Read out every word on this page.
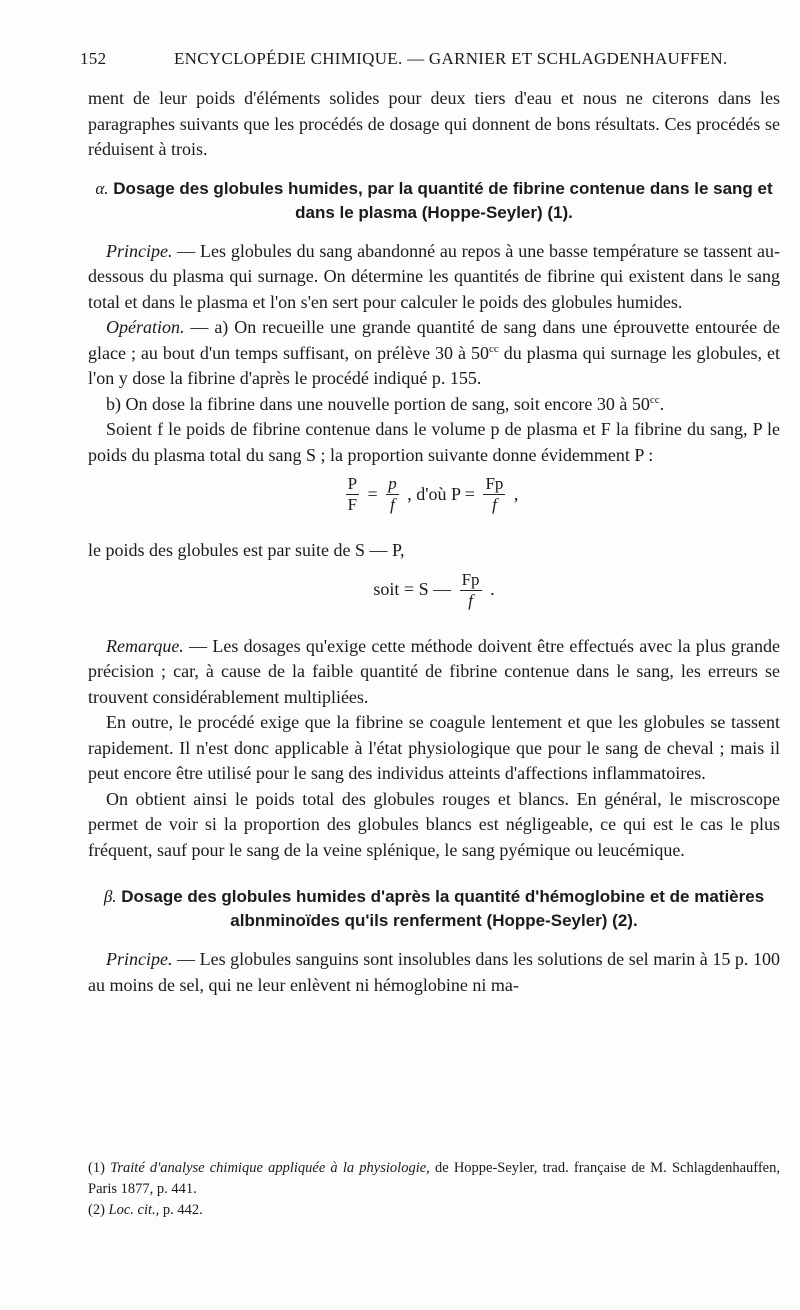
152	ENCYCLOPÉDIE CHIMIQUE. — GARNIER ET SCHLAGDENHAUFFEN.

ment de leur poids d'éléments solides pour deux tiers d'eau et nous ne citerons dans les paragraphes suivants que les procédés de dosage qui donnent de bons résultats. Ces procédés se réduisent à trois.

α. Dosage des globules humides, par la quantité de fibrine contenue dans le sang et dans le plasma (Hoppe-Seyler) (1).

Principe. — Les globules du sang abandonné au repos à une basse température se tassent au-dessous du plasma qui surnage. On détermine les quantités de fibrine qui existent dans le sang total et dans le plasma et l'on s'en sert pour calculer le poids des globules humides.

Opération. — a) On recueille une grande quantité de sang dans une éprouvette entourée de glace ; au bout d'un temps suffisant, on prélève 30 à $50^{cc}$ du plasma qui surnage les globules, et l'on y dose la fibrine d'après le procédé indiqué p. 155.

b) On dose la fibrine dans une nouvelle portion de sang, soit encore 30 à $50^{cc}$.

Soient f le poids de fibrine contenue dans le volume p de plasma et F la fibrine du sang, P le poids du plasma total du sang S ; la proportion suivante donne évidemment P :

$\frac{P}{F} = \frac{p}{f}$ , d'où $P = \frac{Fp}{f}$ ,

le poids des globules est par suite de S — P,

soit = S — $\frac{Fp}{f}$ .

Remarque. — Les dosages qu'exige cette méthode doivent être effectués avec la plus grande précision ; car, à cause de la faible quantité de fibrine contenue dans le sang, les erreurs se trouvent considérablement multipliées.

En outre, le procédé exige que la fibrine se coagule lentement et que les globules se tassent rapidement. Il n'est donc applicable à l'état physiologique que pour le sang de cheval ; mais il peut encore être utilisé pour le sang des individus atteints d'affections inflammatoires.

On obtient ainsi le poids total des globules rouges et blancs. En général, le miscroscope permet de voir si la proportion des globules blancs est négligeable, ce qui est le cas le plus fréquent, sauf pour le sang de la veine splénique, le sang pyémique ou leucémique.

β. Dosage des globules humides d'après la quantité d'hémoglobine et de matières albnminoïdes qu'ils renferment (Hoppe-Seyler) (2).

Principe. — Les globules sanguins sont insolubles dans les solutions de sel marin à 15 p. 100 au moins de sel, qui ne leur enlèvent ni hémoglobine ni ma-

(1) Traité d'analyse chimique appliquée à la physiologie, de Hoppe-Seyler, trad. française de M. Schlagdenhauffen, Paris 1877, p. 441.

(2) Loc. cit., p. 442.
